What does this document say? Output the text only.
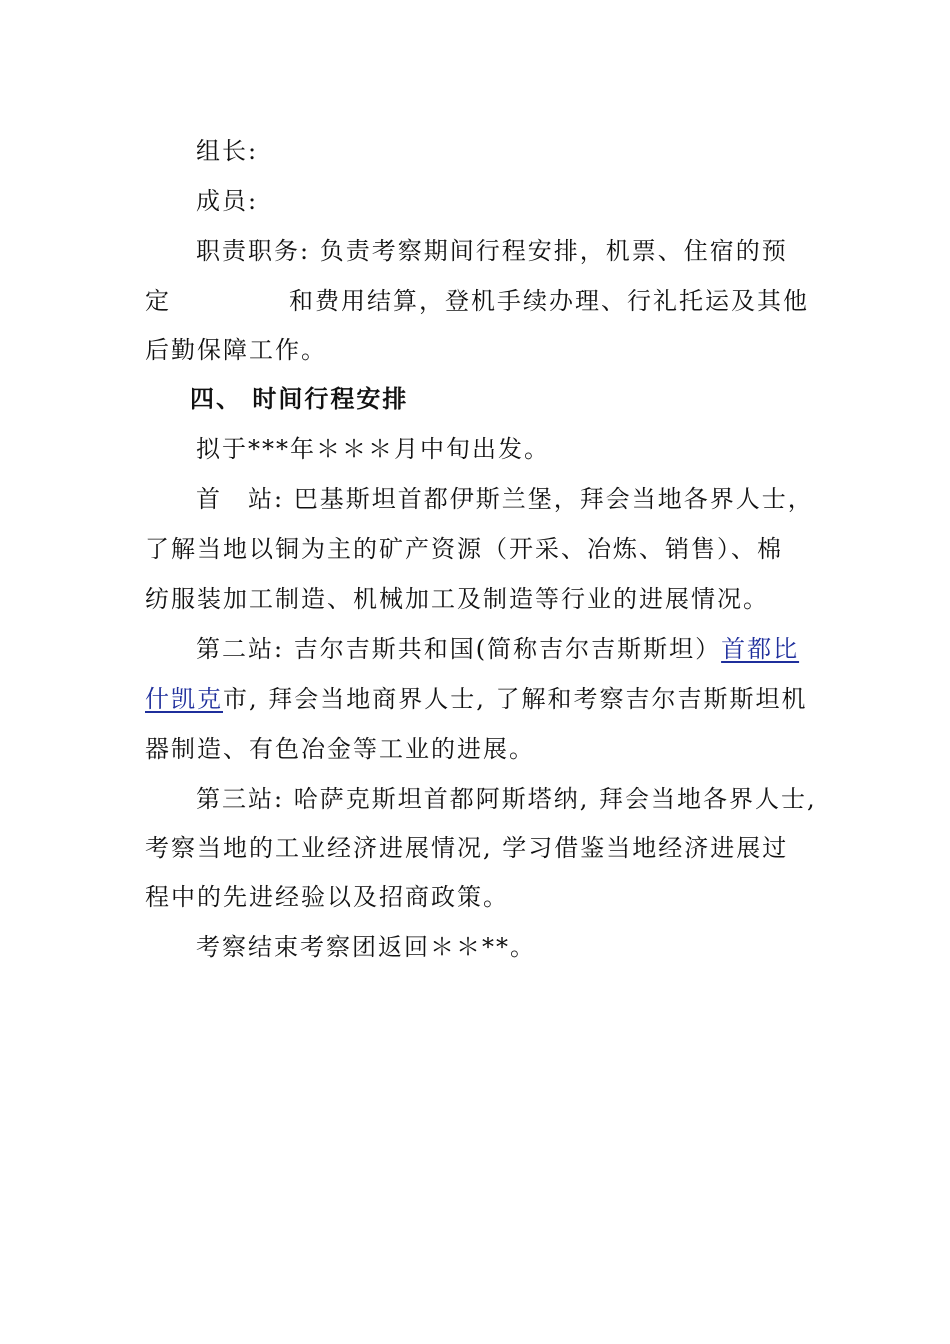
组长:
成员:
职责职务: 负责考察期间行程安排，机票、住宿的预
定	和费用结算，登机手续办理、行礼托运及其他
后勤保障工作。
四、 时间行程安排
拟于***年＊＊＊月中旬出发。
首　站: 巴基斯坦首都伊斯兰堡，拜会当地各界人士，
了解当地以铜为主的矿产资源（开采、冶炼、销售）、棉
纺服装加工制造、机械加工及制造等行业的进展情况。
第二站: 吉尔吉斯共和国(简称吉尔吉斯斯坦）首都比
什凯克市, 拜会当地商界人士, 了解和考察吉尔吉斯斯坦机
器制造、有色冶金等工业的进展。
第三站: 哈萨克斯坦首都阿斯塔纳, 拜会当地各界人士,
考察当地的工业经济进展情况, 学习借鉴当地经济进展过
程中的先进经验以及招商政策。
考察结束考察团返回＊＊**。
